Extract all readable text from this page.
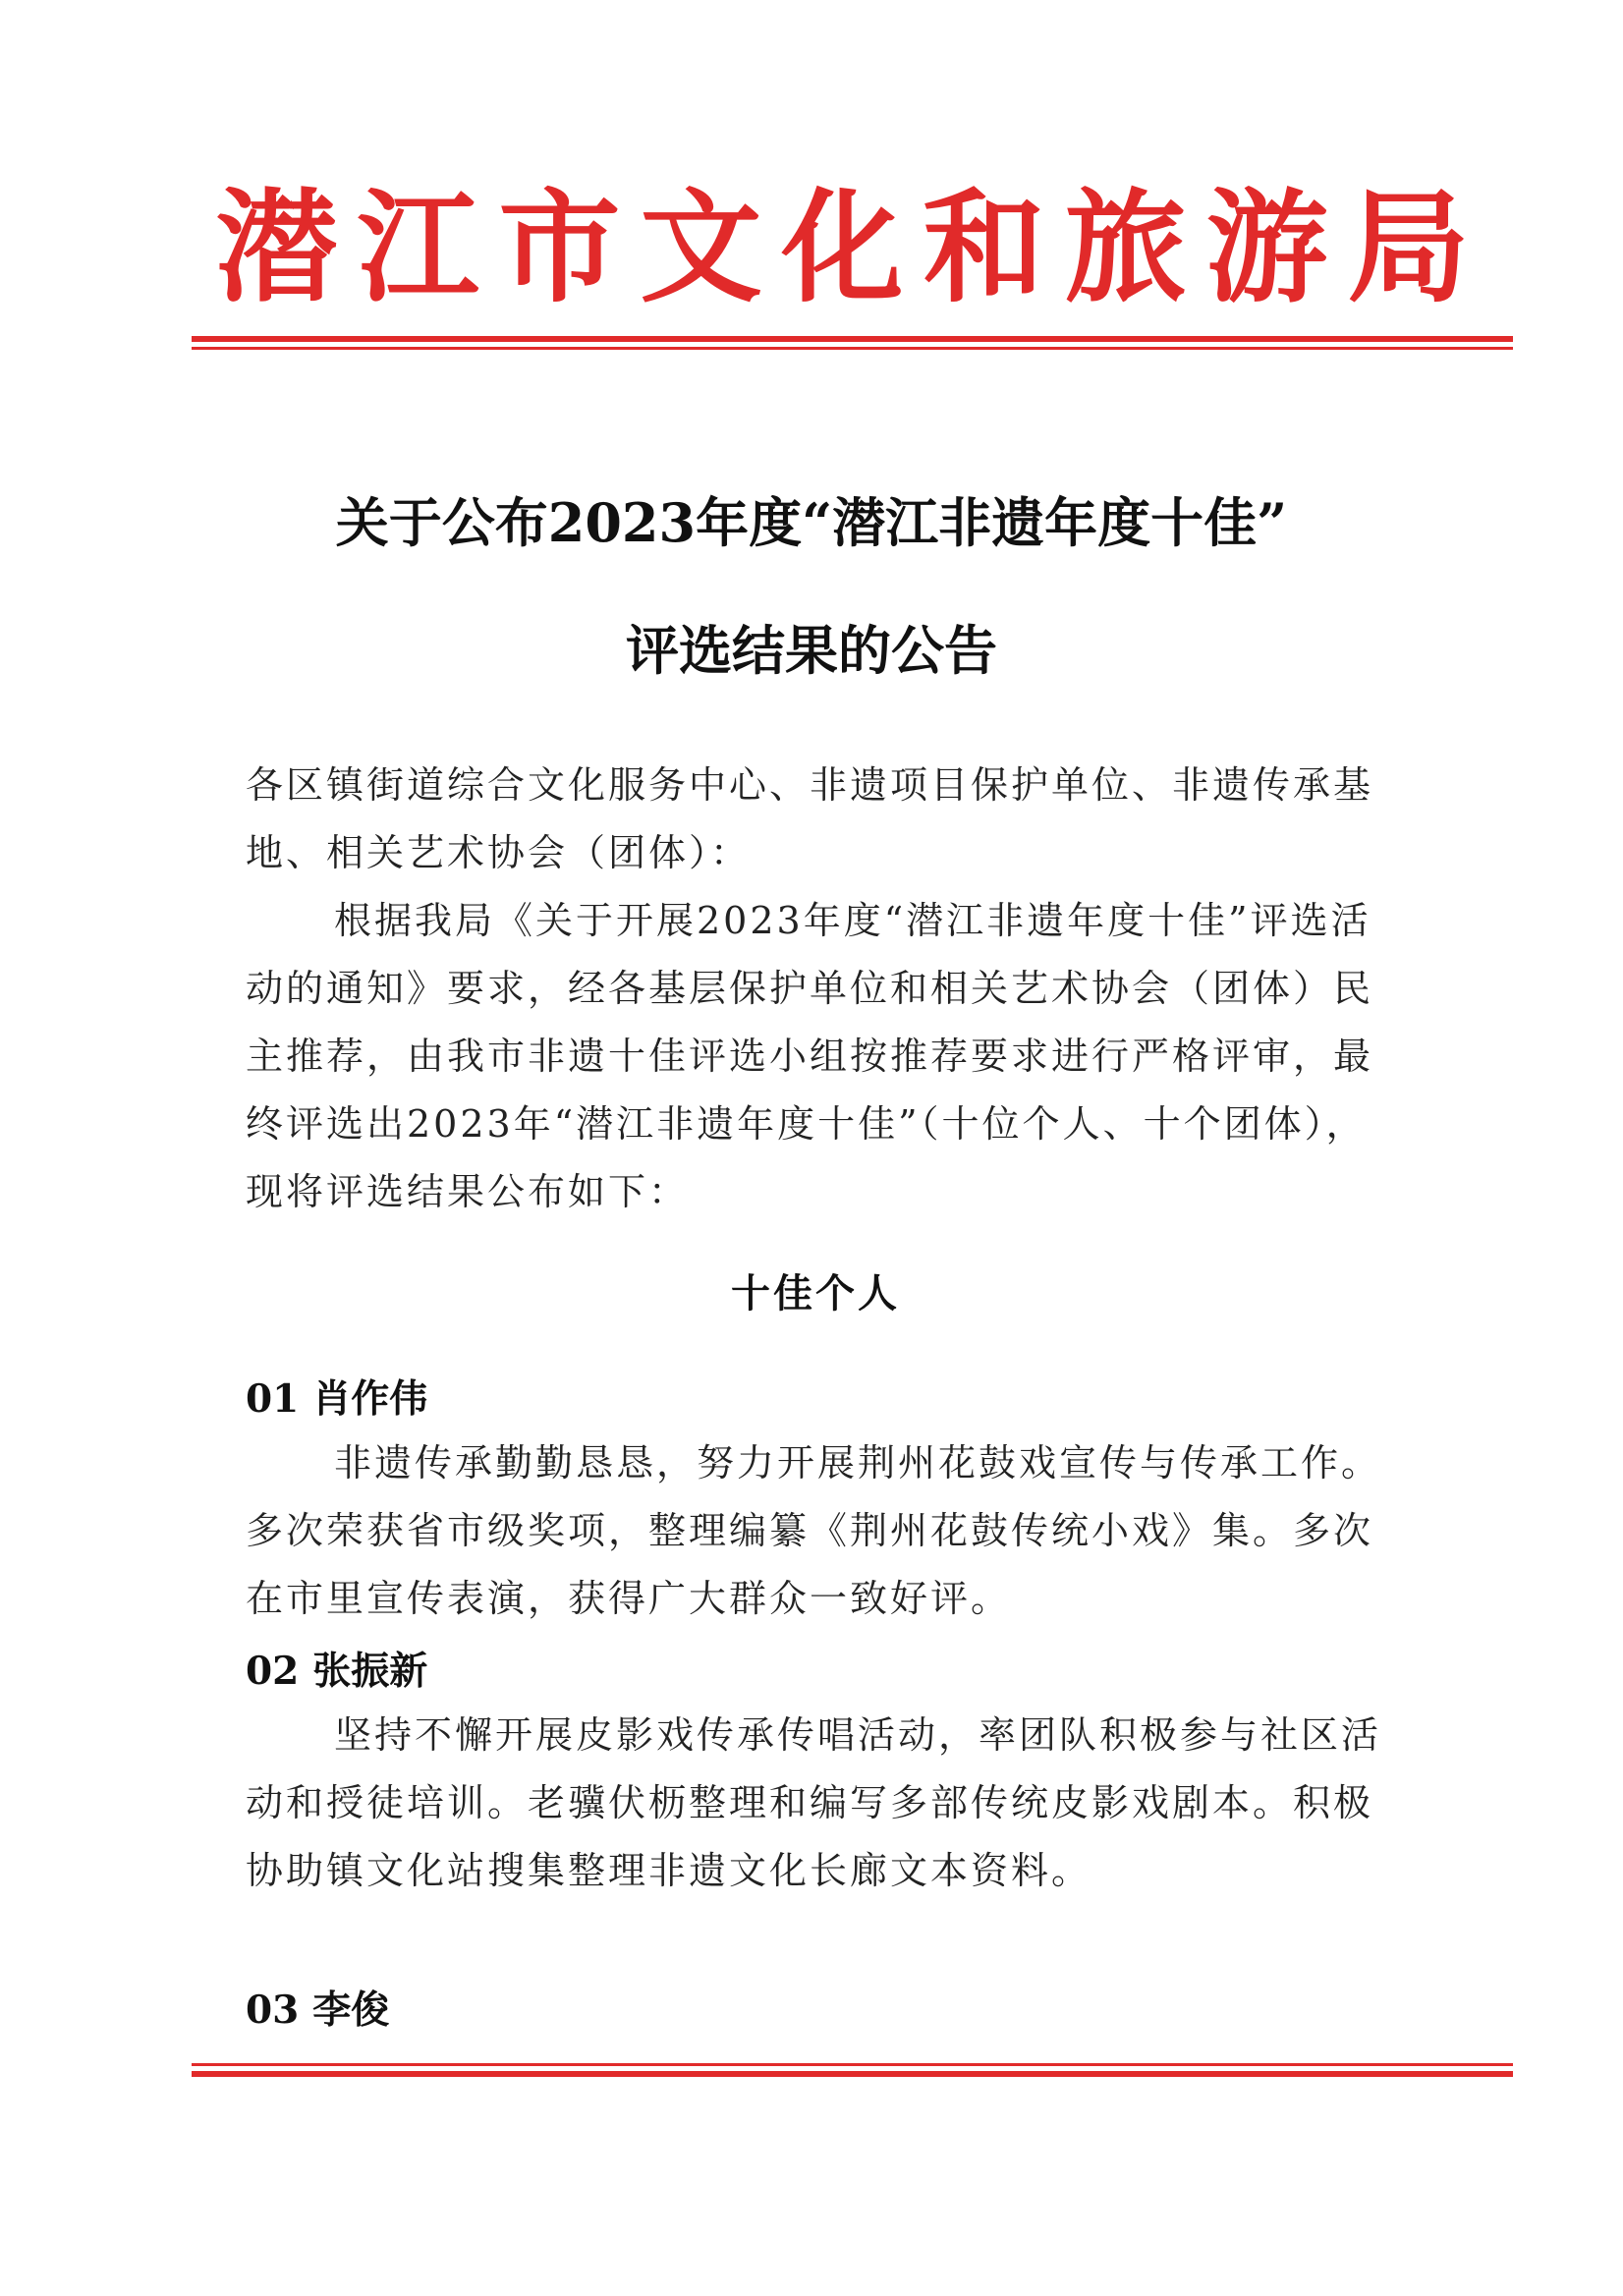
潜江市文化和旅游局
关于公布2023年度“潜江非遗年度十佳”
评选结果的公告
各区镇街道综合文化服务中心、非遗项目保护单位、非遗传承基地、相关艺术协会（团体）：
根据我局《关于开展2023年度“潜江非遗年度十佳”评选活动的通知》要求，经各基层保护单位和相关艺术协会（团体）民主推荐，由我市非遗十佳评选小组按推荐要求进行严格评审，最终评选出2023年“潜江非遗年度十佳”（十位个人、十个团体），现将评选结果公布如下：
十佳个人
01 肖作伟
非遗传承勤勤恳恳，努力开展荆州花鼓戏宣传与传承工作。多次荣获省市级奖项，整理编纂《荆州花鼓传统小戏》集。多次在市里宣传表演，获得广大群众一致好评。
02 张振新
坚持不懈开展皮影戏传承传唱活动，率团队积极参与社区活动和授徒培训。老骥伏枥整理和编写多部传统皮影戏剧本。积极协助镇文化站搜集整理非遗文化长廊文本资料。
03 李俊
